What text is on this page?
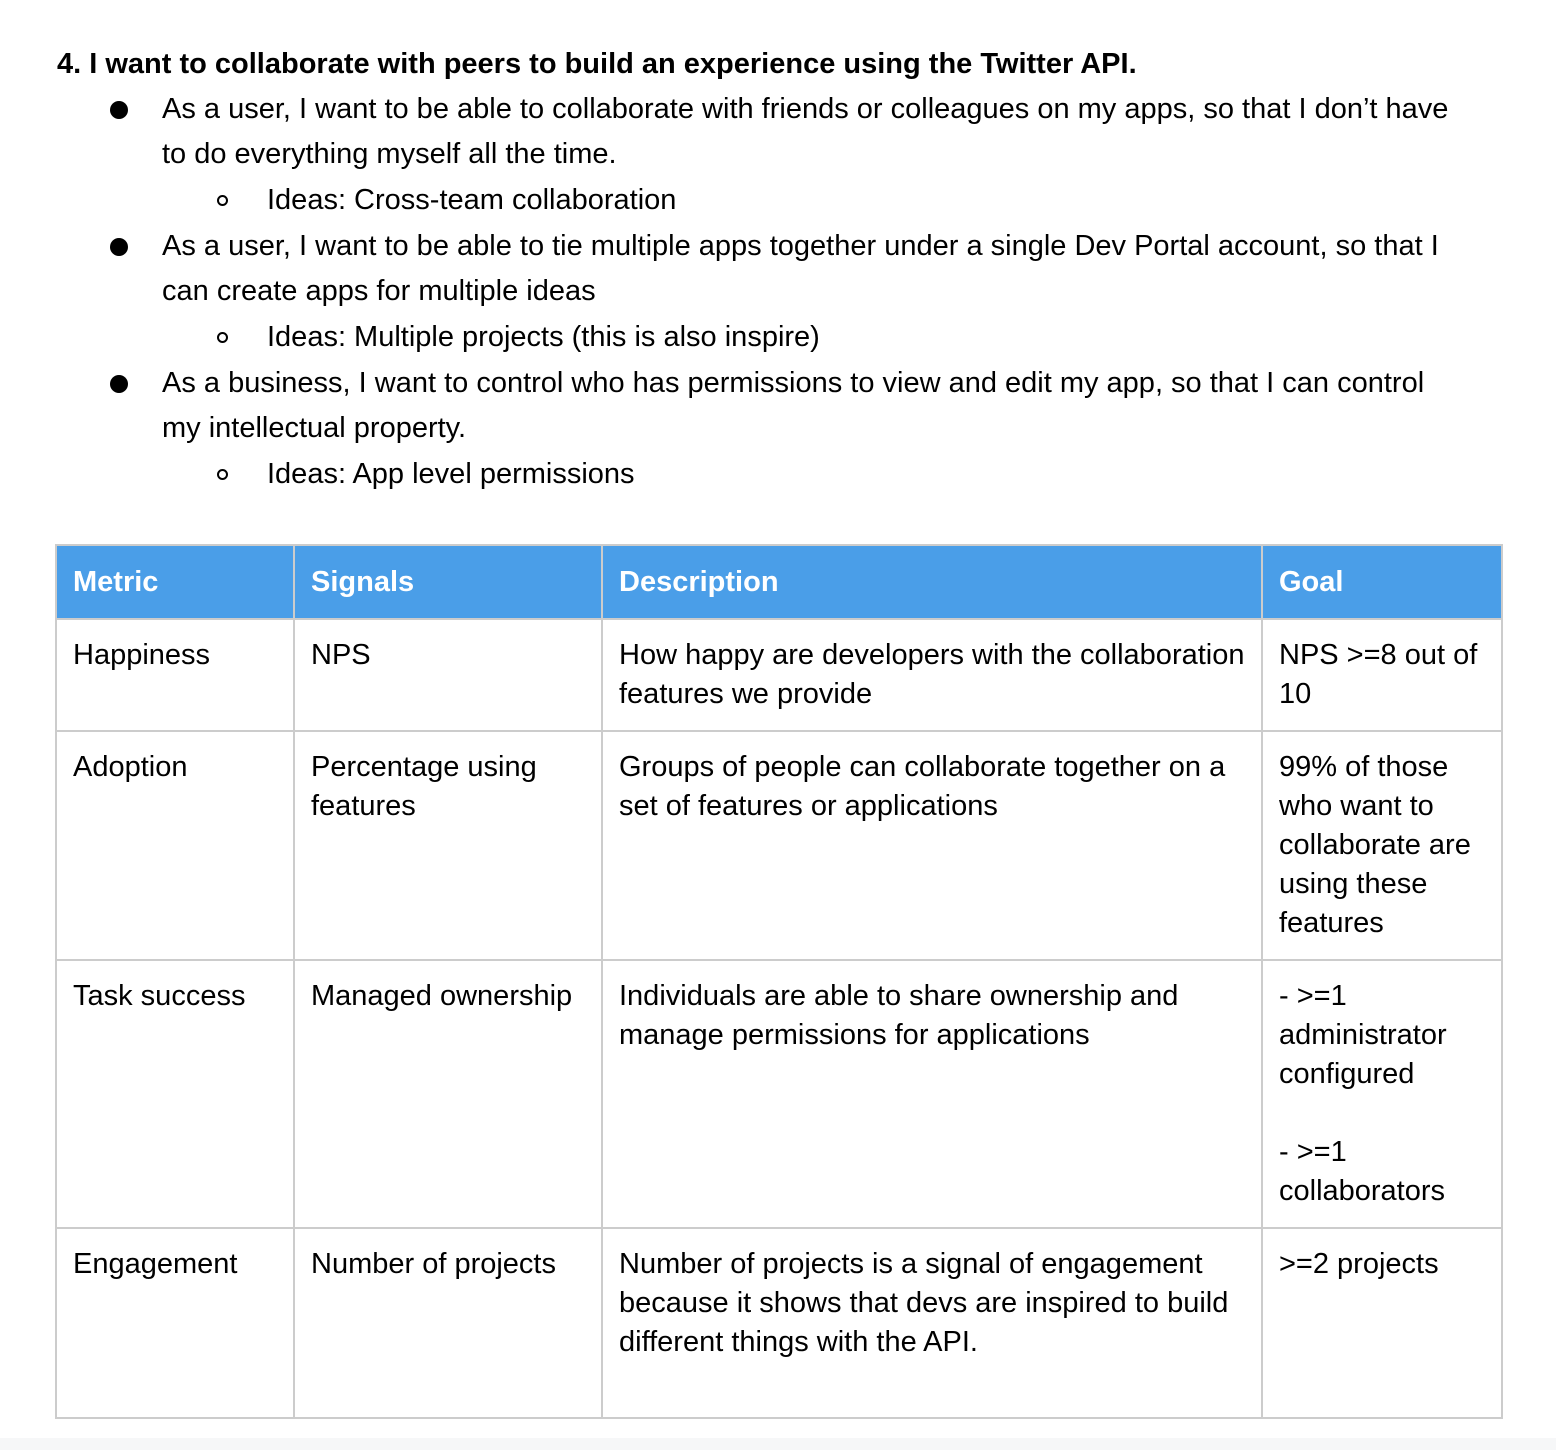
4. I want to collaborate with peers to build an experience using the Twitter API.
As a user, I want to be able to collaborate with friends or colleagues on my apps, so that I don’t have to do everything myself all the time.
Ideas: Cross-team collaboration
As a user, I want to be able to tie multiple apps together under a single Dev Portal account, so that I can create apps for multiple ideas
Ideas: Multiple projects (this is also inspire)
As a business, I want to control who has permissions to view and edit my app, so that I can control my intellectual property.
Ideas: App level permissions
Metric	Signals	Description	Goal
Happiness	NPS	How happy are developers with the collaboration features we provide	NPS >=8 out of 10
Adoption	Percentage using features	Groups of people can collaborate together on a set of features or applications	99% of those who want to collaborate are using these features
Task success	Managed ownership	Individuals are able to share ownership and manage permissions for applications	- >=1 administrator configured

- >=1 collaborators
Engagement	Number of projects	Number of projects is a signal of engagement because it shows that devs are inspired to build different things with the API.	>=2 projects
